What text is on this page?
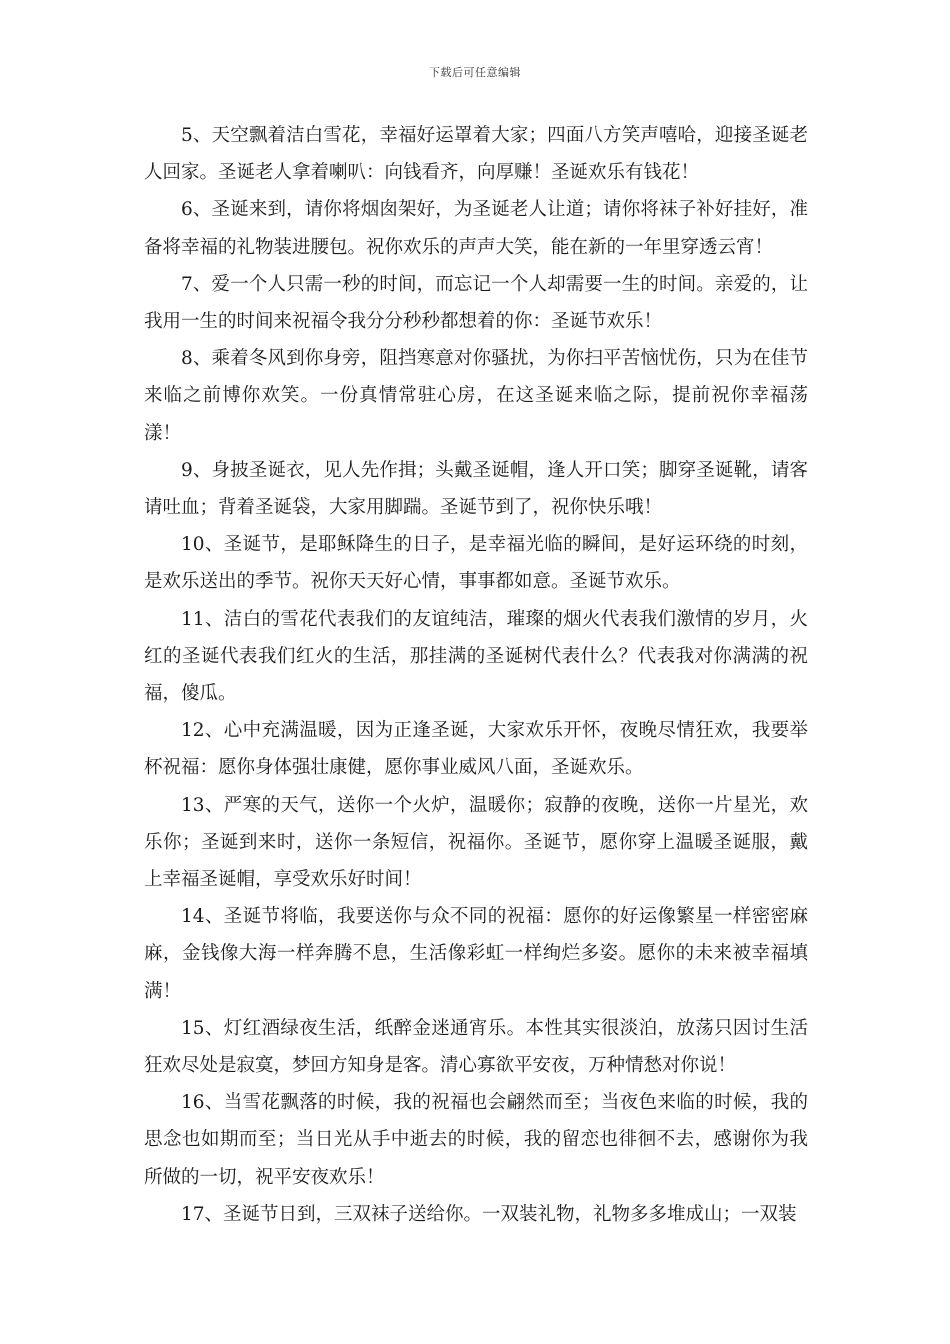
下载后可任意编辑

5、天空飘着洁白雪花，幸福好运罩着大家；四面八方笑声嘻哈，迎接圣诞老人回家。圣诞老人拿着喇叭：向钱看齐，向厚赚！圣诞欢乐有钱花！

6、圣诞来到，请你将烟囱架好，为圣诞老人让道；请你将袜子补好挂好，准备将幸福的礼物装进腰包。祝你欢乐的声声大笑，能在新的一年里穿透云宵！

7、爱一个人只需一秒的时间，而忘记一个人却需要一生的时间。亲爱的，让我用一生的时间来祝福令我分分秒秒都想着的你：圣诞节欢乐！

8、乘着冬风到你身旁，阻挡寒意对你骚扰，为你扫平苦恼忧伤，只为在佳节来临之前博你欢笑。一份真情常驻心房，在这圣诞来临之际，提前祝你幸福荡漾！

9、身披圣诞衣，见人先作揖；头戴圣诞帽，逢人开口笑；脚穿圣诞靴，请客请吐血；背着圣诞袋，大家用脚踹。圣诞节到了，祝你快乐哦！

10、圣诞节，是耶稣降生的日子，是幸福光临的瞬间，是好运环绕的时刻，是欢乐送出的季节。祝你天天好心情，事事都如意。圣诞节欢乐。

11、洁白的雪花代表我们的友谊纯洁，璀璨的烟火代表我们激情的岁月，火红的圣诞代表我们红火的生活，那挂满的圣诞树代表什么？代表我对你满满的祝福，傻瓜。

12、心中充满温暖，因为正逢圣诞，大家欢乐开怀，夜晚尽情狂欢，我要举杯祝福：愿你身体强壮康健，愿你事业威风八面，圣诞欢乐。

13、严寒的天气，送你一个火炉，温暖你；寂静的夜晚，送你一片星光，欢乐你；圣诞到来时，送你一条短信，祝福你。圣诞节，愿你穿上温暖圣诞服，戴上幸福圣诞帽，享受欢乐好时间！

14、圣诞节将临，我要送你与众不同的祝福：愿你的好运像繁星一样密密麻麻，金钱像大海一样奔腾不息，生活像彩虹一样绚烂多姿。愿你的未来被幸福填满！

15、灯红酒绿夜生活，纸醉金迷通宵乐。本性其实很淡泊，放荡只因讨生活狂欢尽处是寂寞，梦回方知身是客。清心寡欲平安夜，万种情愁对你说！

16、当雪花飘落的时候，我的祝福也会翩然而至；当夜色来临的时候，我的思念也如期而至；当日光从手中逝去的时候，我的留恋也徘徊不去，感谢你为我所做的一切，祝平安夜欢乐！

17、圣诞节日到，三双袜子送给你。一双装礼物，礼物多多堆成山；一双装
